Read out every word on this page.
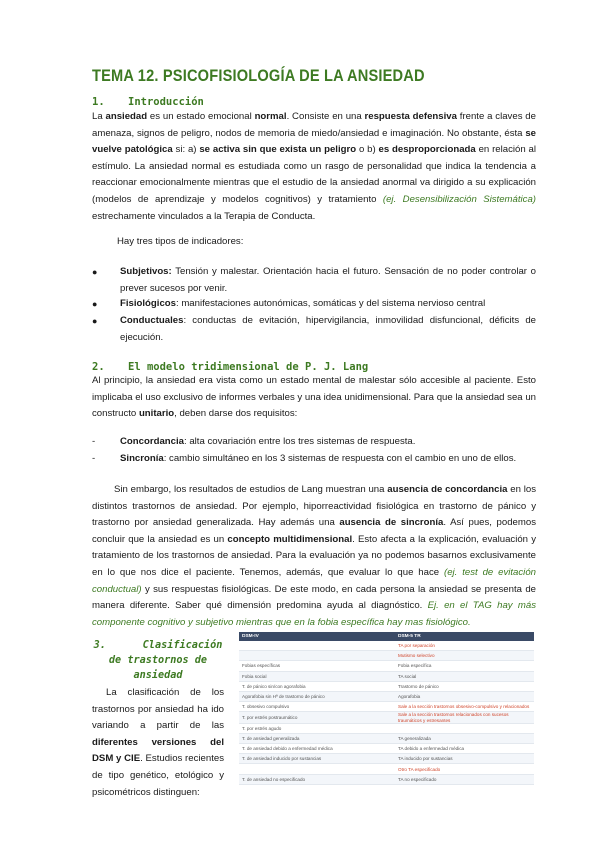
TEMA 12. PSICOFISIOLOGÍA DE LA ANSIEDAD
1. Introducción

La ansiedad es un estado emocional normal. Consiste en una respuesta defensiva frente a claves de amenaza, signos de peligro, nodos de memoria de miedo/ansiedad e imaginación. No obstante, ésta se vuelve patológica si: a) se activa sin que exista un peligro o b) es desproporcionada en relación al estímulo. La ansiedad normal es estudiada como un rasgo de personalidad que indica la tendencia a reaccionar emocionalmente mientras que el estudio de la ansiedad anormal va dirigido a su explicación (modelos de aprendizaje y modelos cognitivos) y tratamiento (ej. Desensibilización Sistemática) estrechamente vinculados a la Terapia de Conducta.

Hay tres tipos de indicadores:
● Subjetivos: Tensión y malestar. Orientación hacia el futuro. Sensación de no poder controlar o prever sucesos por venir.
● Fisiológicos: manifestaciones autonómicas, somáticas y del sistema nervioso central
● Conductuales: conductas de evitación, hipervigilancia, inmovilidad disfuncional, déficits de ejecución.
2. El modelo tridimensional de P. J. Lang

Al principio, la ansiedad era vista como un estado mental de malestar sólo accesible al paciente. Esto implicaba el uso exclusivo de informes verbales y una idea unidimensional. Para que la ansiedad sea un constructo unitario, deben darse dos requisitos:

-	Concordancia: alta covariación entre los tres sistemas de respuesta.
-	Sincronía: cambio simultáneo en los 3 sistemas de respuesta con el cambio en uno de ellos.

Sin embargo, los resultados de estudios de Lang muestran una ausencia de concordancia en los distintos trastornos de ansiedad. Por ejemplo, hiporreactividad fisiológica en trastorno de pánico y trastorno por ansiedad generalizada. Hay además una ausencia de sincronía. Así pues, podemos concluir que la ansiedad es un concepto multidimensional. Esto afecta a la explicación, evaluación y tratamiento de los trastornos de ansiedad. Para la evaluación ya no podemos basarnos exclusivamente en lo que nos dice el paciente. Tenemos, además, que evaluar lo que hace (ej. test de evitación conductual) y sus respuestas fisiológicas. De este modo, en cada persona la ansiedad se presenta de manera diferente. Saber qué dimensión predomina ayuda al diagnóstico. Ej. en el TAG hay más componente cognitivo y subjetivo mientras que en la fobia específica hay mas fisiológico.

3.	Clasificación de trastornos de ansiedad

La clasificación de los trastornos por ansiedad ha ido variando a partir de las diferentes versiones del DSM y CIE. Estudios recientes de tipo genético, etológico y psicométricos distinguen:

DSM-IV	DSM-5 TR
	TA por separación
	Mutismo selectivo
Fobias específicas	Fobia específica
Fobia social	TA social
T. de pánico sin/con agorafobia	Trastorno de pánico
Agorafobia sin Hª de trastorno de pánico	Agorafobia
T. obsesivo compulsivo	Sale a la sección trastornos obsesivo-compulsivo y relacionados
T. por estrés postraumático	Sale a la sección trastornos relacionados con sucesos traumáticos y estresantes
T. por estrés agudo	
T. de ansiedad generalizada	TA generalizada
T. de ansiedad debido a enfermedad médica	TA debido a enfermedad médica
T. de ansiedad inducido por sustancias	TA inducido por sustancias
	Otro TA especificado
T. de ansiedad no especificado	TA no especificado
